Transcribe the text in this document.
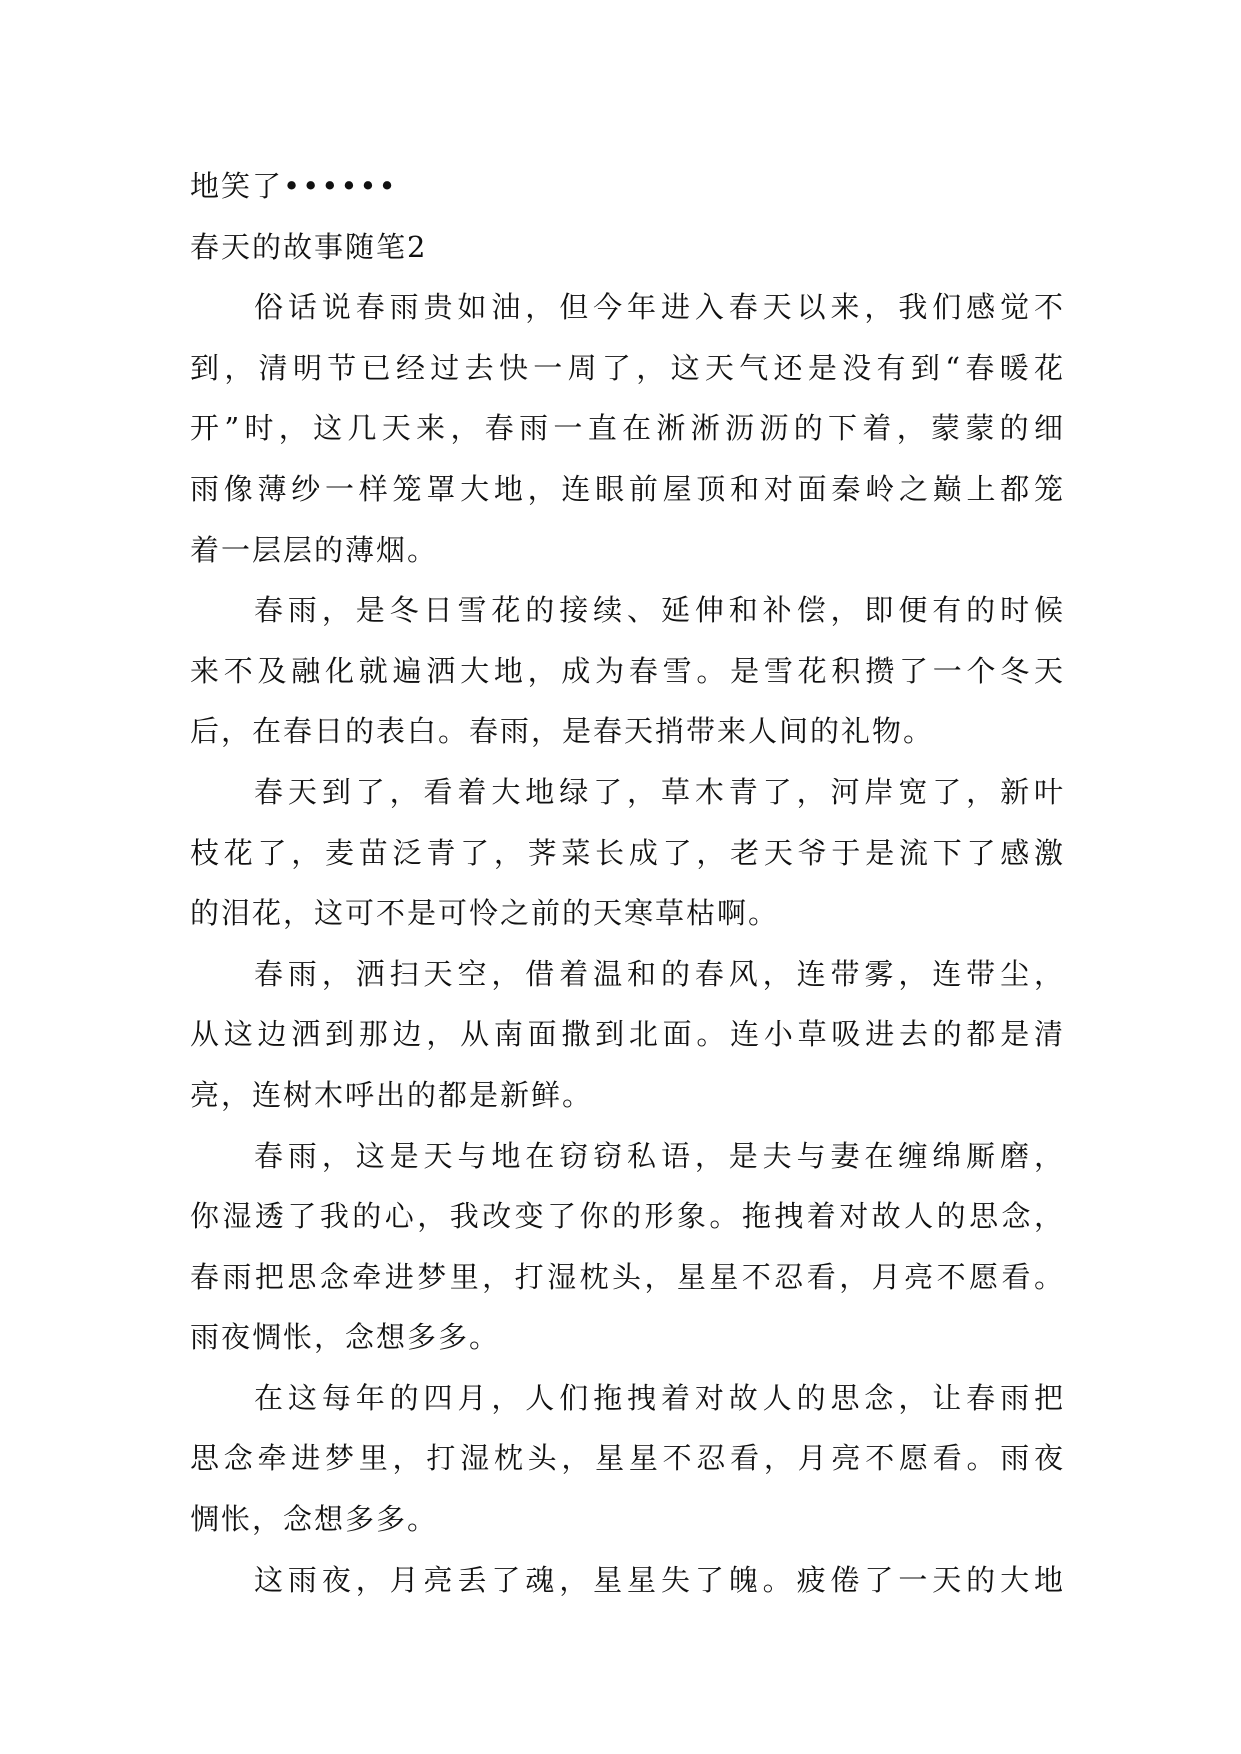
地笑了••••••

春天的故事随笔2

俗话说春雨贵如油，但今年进入春天以来，我们感觉不

到，清明节已经过去快一周了，这天气还是没有到“春暖花

开”时，这几天来，春雨一直在淅淅沥沥的下着，蒙蒙的细

雨像薄纱一样笼罩大地，连眼前屋顶和对面秦岭之巅上都笼

着一层层的薄烟。

春雨，是冬日雪花的接续、延伸和补偿，即便有的时候

来不及融化就遍洒大地，成为春雪。是雪花积攒了一个冬天

后，在春日的表白。春雨，是春天捎带来人间的礼物。

春天到了，看着大地绿了，草木青了，河岸宽了，新叶

枝花了，麦苗泛青了，荠菜长成了，老天爷于是流下了感激

的泪花，这可不是可怜之前的天寒草枯啊。

春雨，洒扫天空，借着温和的春风，连带雾，连带尘，

从这边洒到那边，从南面撒到北面。连小草吸进去的都是清

亮，连树木呼出的都是新鲜。

春雨，这是天与地在窃窃私语，是夫与妻在缠绵厮磨，

你湿透了我的心，我改变了你的形象。拖拽着对故人的思念，

春雨把思念牵进梦里，打湿枕头，星星不忍看，月亮不愿看。

雨夜惆怅，念想多多。

在这每年的四月，人们拖拽着对故人的思念，让春雨把

思念牵进梦里，打湿枕头，星星不忍看，月亮不愿看。雨夜

惆怅，念想多多。

这雨夜，月亮丢了魂，星星失了魄。疲倦了一天的大地
